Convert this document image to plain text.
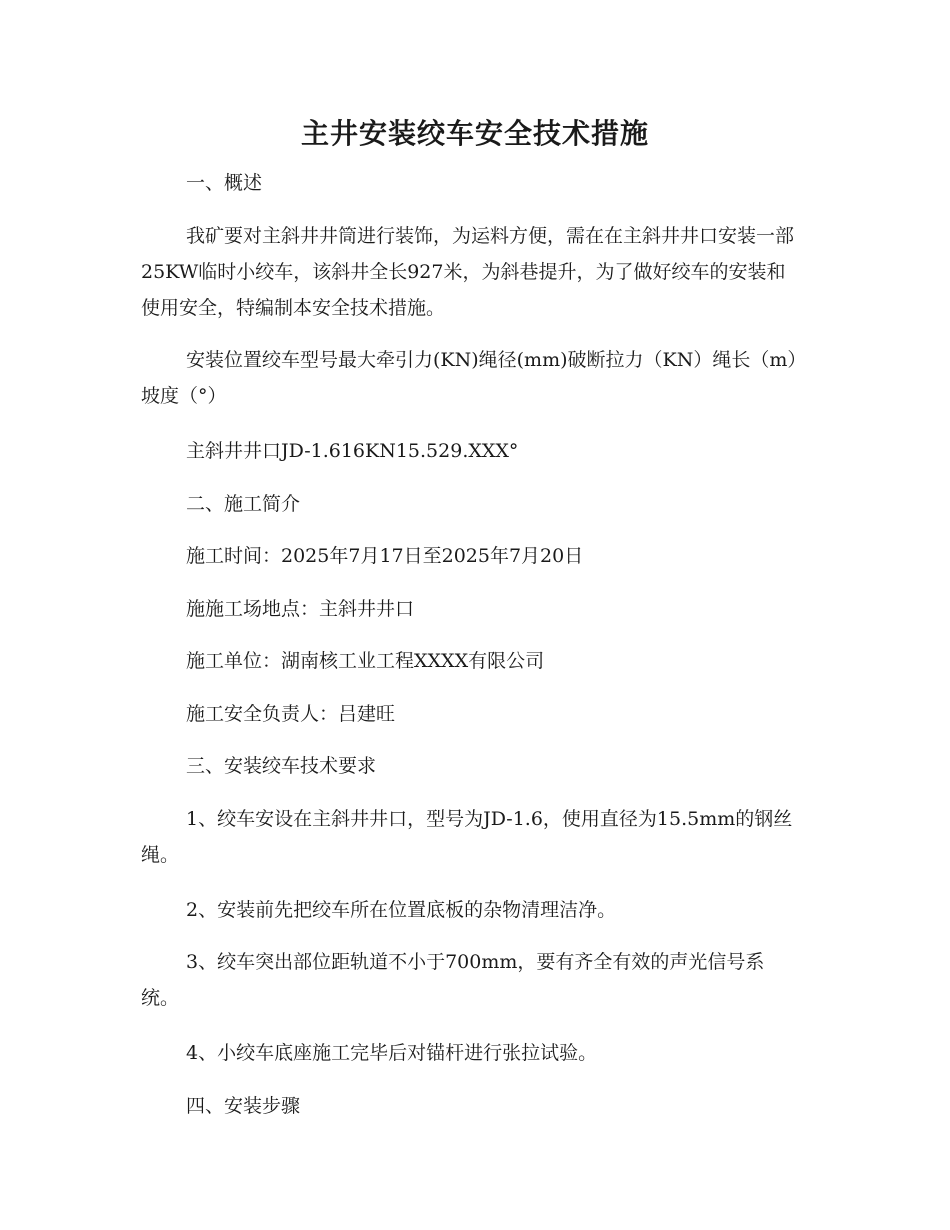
主井安装绞车安全技术措施

一、概述

我矿要对主斜井井筒进行装饰，为运料方便，需在在主斜井井口安装一部25KW临时小绞车，该斜井全长927米，为斜巷提升，为了做好绞车的安装和使用安全，特编制本安全技术措施。

安装位置绞车型号最大牵引力(KN)绳径(mm)破断拉力（KN）绳长（m）坡度（°）

主斜井井口JD-1.616KN15.529.XXX°

二、施工简介

施工时间：2025年7月17日至2025年7月20日

施施工场地点：主斜井井口

施工单位：湖南核工业工程XXXX有限公司

施工安全负责人：吕建旺

三、安装绞车技术要求

1、绞车安设在主斜井井口，型号为JD-1.6，使用直径为15.5mm的钢丝绳。

2、安装前先把绞车所在位置底板的杂物清理洁净。

3、绞车突出部位距轨道不小于700mm，要有齐全有效的声光信号系统。

4、小绞车底座施工完毕后对锚杆进行张拉试验。

四、安装步骤
